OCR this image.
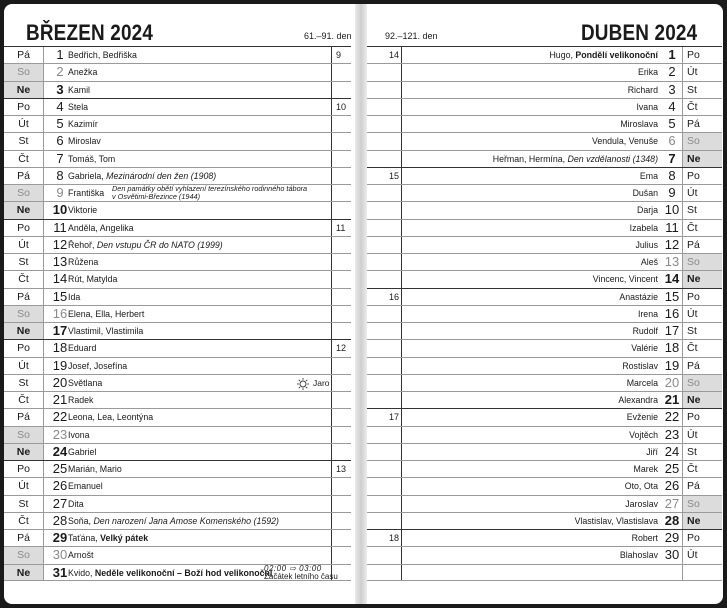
BŘEZEN 2024	61.–91. den
Pá	1 Bedřich, Bedřiška	9
So	2 Anežka
Ne	3 Kamil
Po	4 Stela	10
Út	5 Kazimír
St	6 Miroslav
Čt	7 Tomáš, Tom
Pá	8 Gabriela, Mezinárodní den žen (1908)
So	9 Františka Den památky obětí vyhlazení terezínského rodinného tábora
v Osvětimi-Březince (1944)
Ne	10 Viktorie
Po	11 Anděla, Angelika	11
Út	12 Řehoř, Den vstupu ČR do NATO (1999)
St	13 Růžena
Čt	14 Rút, Matylda
Pá	15 Ida
So	16 Elena, Ella, Herbert
Ne	17 Vlastimil, Vlastimila
Po	18 Eduard	12
Út	19 Josef, Josefína
St	20 Světlana	Jaro
Čt	21 Radek
Pá	22 Leona, Lea, Leontýna
So	23 Ivona
Ne	24 Gabriel
Po	25 Marián, Mario	13
Út	26 Emanuel
St	27 Dita
Čt	28 Soňa, Den narození Jana Amose Komenského (1592)
Pá	29 Taťána, Velký pátek
So	30 Arnošt
Ne	31 Kvido, Neděle velikonoční – Boží hod velikonoční
02:00 ⇨ 03:00
Začátek letního času
92.–121. den	DUBEN 2024
14	Hugo, Pondělí velikonoční 1	Po
Erika 2	Út
Richard 3	St
Ivana 4	Čt
Miroslava 5	Pá
Vendula, Venuše 6	So
Heřman, Hermína, Den vzdělanosti (1348) 7	Ne
15	Ema 8	Po
Dušan 9	Út
Darja 10 St
Izabela 11 Čt
Julius 12 Pá
Aleš 13 So
Vincenc, Vincent 14 Ne
16	Anastázie 15 Po
Irena 16 Út
Rudolf 17 St
Valérie 18 Čt
Rostislav 19 Pá
Marcela 20 So
Alexandra 21 Ne
17	Evženie 22 Po
Vojtěch 23 Út
Jiří 24 St
Marek 25 Čt
Oto, Ota 26 Pá
Jaroslav 27 So
Vlastislav, Vlastislava 28 Ne
18	Robert 29 Po
Blahoslav 30 Út
